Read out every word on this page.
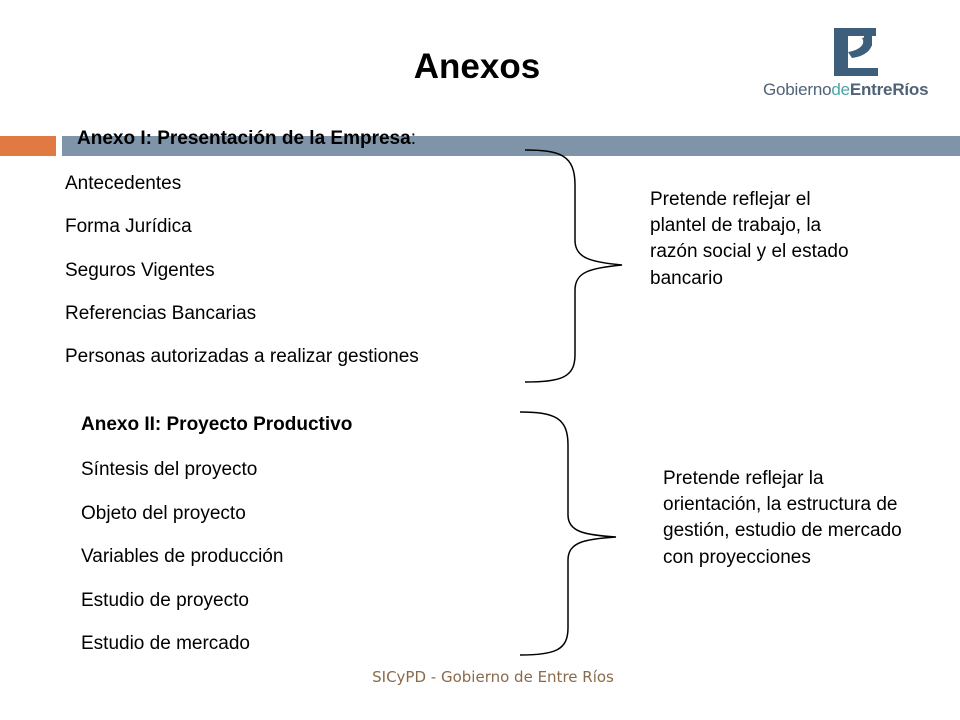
Anexos
GobiernodeEntreRíos

Anexo I: Presentación de la Empresa:

Antecedentes
Forma Jurídica
Seguros Vigentes
Referencias Bancarias
Personas autorizadas a realizar gestiones

Pretende reflejar el plantel de trabajo, la razón social y el estado bancario

Anexo II: Proyecto Productivo

Síntesis del proyecto
Objeto del proyecto
Variables de producción
Estudio de proyecto
Estudio de mercado

Pretende reflejar la orientación, la estructura de gestión, estudio de mercado con proyecciones

SICyPD - Gobierno de Entre Ríos
